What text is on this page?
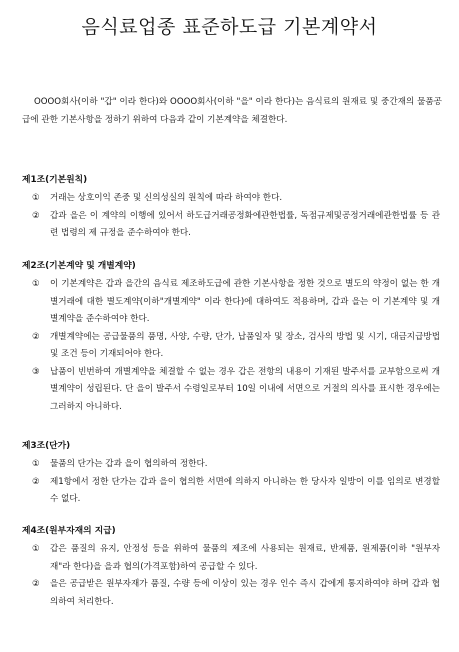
음식료업종 표준하도급 기본계약서

OOOO회사(이하 "갑" 이라 한다)와 OOOO회사(이하 "을" 이라 한다)는 음식료의 원재료 및 중간재의 물품공급에 관한 기본사항을 정하기 위하여 다음과 같이 기본계약을 체결한다.

제1조(기본원칙)
①	거래는 상호이익 존중 및 신의성실의 원칙에 따라 하여야 한다.

②	갑과 을은 이 계약의 이행에 있어서 하도급거래공정화에관한법률, 독점규제및공정거래에관한법률 등 관련 법령의 제 규정을 준수하여야 한다.

제2조(기본계약 및 개별계약)
①	이 기본계약은 갑과 을간의 음식료 제조하도급에 관한 기본사항을 정한 것으로 별도의 약정이 없는 한 개별거래에 대한 별도계약(이하"개별계약" 이라 한다)에 대하여도 적용하며, 갑과 을는 이 기본계약 및 개별계약을 준수하여야 한다.

②	개별계약에는 공급물품의 품명, 사양, 수량, 단가, 납품일자 및 장소, 검사의 방법 및 시기, 대금지급방법 및 조건 등이 기재되어야 한다.

③	납품이 빈번하여 개별계약을 체결할 수 없는 경우 갑은 전항의 내용이 기재된 발주서를 교부함으로써 개별계약이 성립된다. 단 을이 발주서 수령일로부터 10일 이내에 서면으로 거절의 의사를 표시한 경우에는 그러하지 아니하다.

제3조(단가)
①	물품의 단가는 갑과 을이 협의하여 정한다.

②	제1항에서 정한 단가는 갑과 을이 협의한 서면에 의하지 아니하는 한 당사자 일방이 이를 임의로 변경할 수 없다.

제4조(원부자재의 지급)
①	갑은 품질의 유지, 안정성 등을 위하여 물품의 제조에 사용되는 원재료, 반제품, 원제품(이하 "원부자재"라 한다)을 을과 협의(가격포함)하여 공급할 수 있다.

②	을은 공급받은 원부자재가 품질, 수량 등에 이상이 있는 경우 인수 즉시 갑에게 통지하여야 하며 갑과 협의하여 처리한다.
